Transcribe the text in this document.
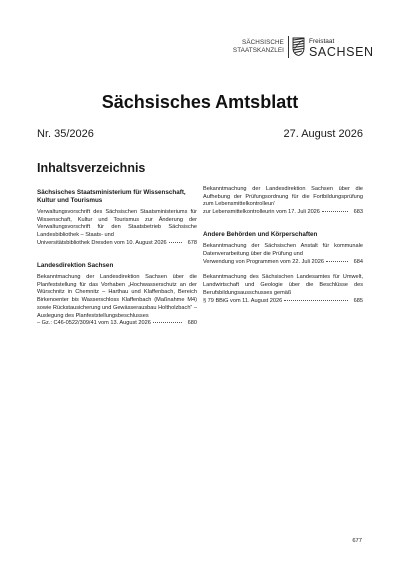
SÄCHSISCHE
STAATSKANZLEI
Freistaat
SACHSEN
Sächsisches Amtsblatt
Nr. 35/2026	27. August 2026
Inhaltsverzeichnis
Sächsisches Staatsministerium für Wissenschaft, Kultur und Tourismus
Verwaltungsvorschrift des Sächsischen Staatsministeriums für Wissenschaft, Kultur und Tourismus zur Änderung der Verwaltungsvorschrift für den Staatsbetrieb Sächsische Landesbibliothek – Staats- und
Universitätsbibliothek Dresden vom 10. August 2026	678
Landesdirektion Sachsen
Bekanntmachung der Landesdirektion Sachsen über die Planfeststellung für das Vorhaben „Hochwasserschutz an der Würschnitz in Chemnitz – Harthau und Klaffenbach, Bereich Birkenoenter bis Wasserschloss Klaffenbach (Maßnahme M4) sowie Rückstausicherung und Gewässerausbau Holtholzbach“ – Auslegung des Planfeststellungsbeschlusses
– Gz.: C46-0522/309/41 vom 13. August 2026	680
Bekanntmachung der Landesdirektion Sachsen über die Aufhebung der Prüfungsordnung für die Fortbildungsprüfung zum Lebensmittelkontrolleur/
zur Lebensmittelkontrolleurin vom 17. Juli 2026	683
Andere Behörden und Körperschaften
Bekanntmachung der Sächsischen Anstalt für kommunale Datenverarbeitung über die Prüfung und
Verwendung von Programmen vom 22. Juli 2026	684
Bekanntmachung des Sächsischen Landesamtes für Umwelt, Landwirtschaft und Geologie über die Beschlüsse des Berufsbildungsausschusses gemäß
§ 79 BBiG vom 11. August 2026	685
677
